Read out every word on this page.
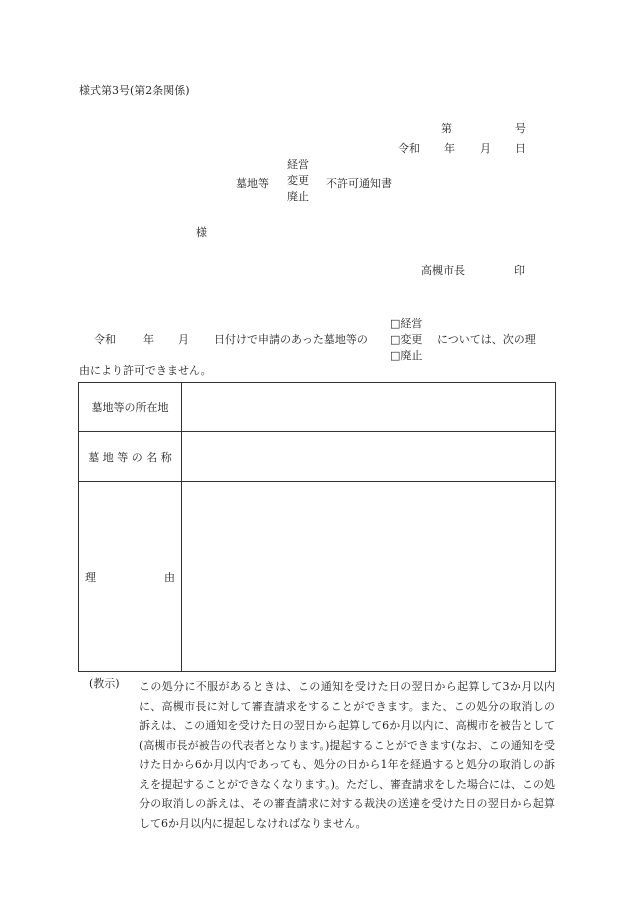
様式第3号(第2条関係)
第	号
令和 年 月 日
墓地等
経営
変更
廃止
不許可通知書
様
高槻市長	印
令和 年 月 日付けで申請のあった墓地等の
□経営
□変更
□廃止
については、次の理
由により許可できません。
墓地等の所在地	
墓 地 等 の 名 称	

理 由	

(教示) この処分に不服があるときは、この通知を受けた日の翌日から起算して3か月以内に、高槻市長に対して審査請求をすることができます。また、この処分の取消しの訴えは、この通知を受けた日の翌日から起算して6か月以内に、高槻市を被告として(高槻市長が被告の代表者となります。)提起することができます(なお、この通知を受けた日から6か月以内であっても、処分の日から1年を経過すると処分の取消しの訴えを提起することができなくなります。)。ただし、審査請求をした場合には、この処分の取消しの訴えは、その審査請求に対する裁決の送達を受けた日の翌日から起算して6か月以内に提起しなければなりません。
